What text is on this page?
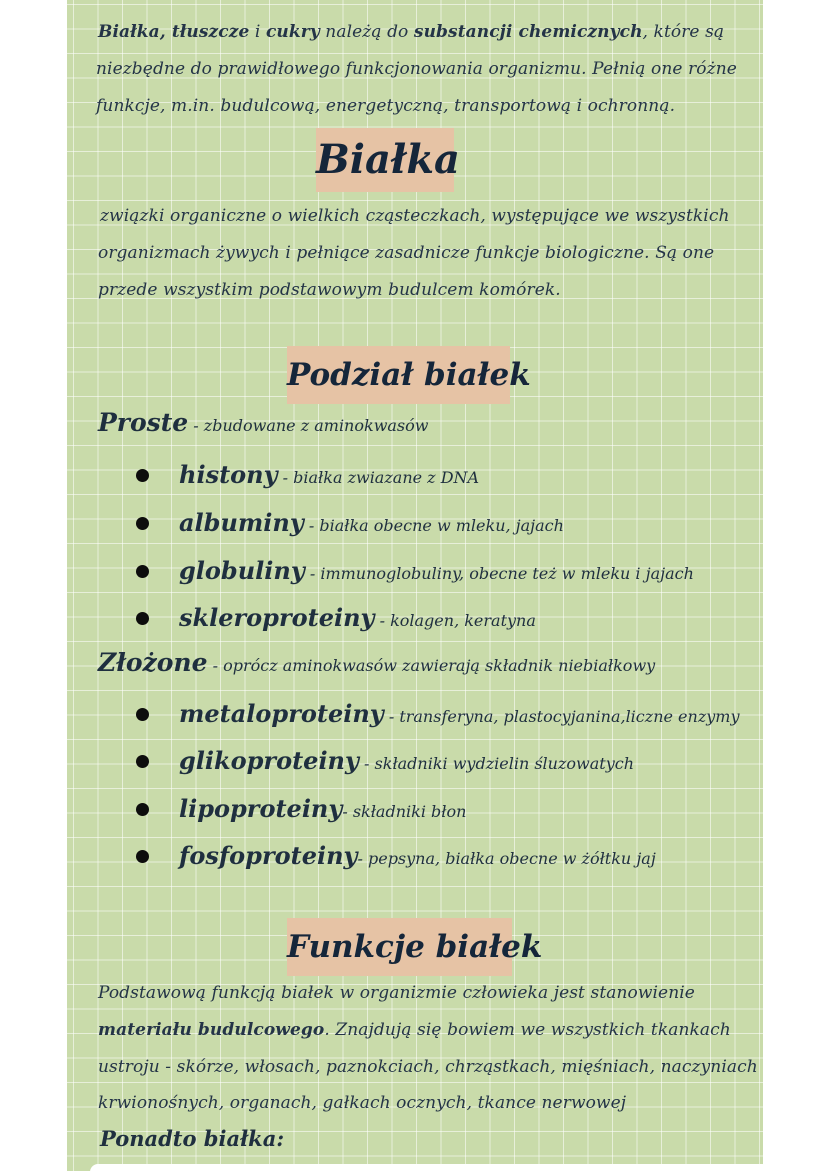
Białka, tłuszcze i cukry należą do substancji chemicznych, które są
niezbędne do prawidłowego funkcjonowania organizmu. Pełnią one różne
funkcje, m.in. budulcową, energetyczną, transportową i ochronną.
Białka
związki organiczne o wielkich cząsteczkach, występujące we wszystkich
organizmach żywych i pełniące zasadnicze funkcje biologiczne. Są one
przede wszystkim podstawowym budulcem komórek.
Podział białek
Proste - zbudowane z aminokwasów
histony - białka zwiazane z DNA
albuminy - białka obecne w mleku, jajach
globuliny - immunoglobuliny, obecne też w mleku i jajach
skleroproteiny - kolagen, keratyna
Złożone - oprócz aminokwasów zawierają składnik niebiałkowy
metaloproteiny - transferyna, plastocyjanina,liczne enzymy
glikoproteiny - składniki wydzielin śluzowatych
lipoproteiny- składniki błon
fosfoproteiny- pepsyna, białka obecne w żółtku jaj
Funkcje białek
Podstawową funkcją białek w organizmie człowieka jest stanowienie
materiału budulcowego. Znajdują się bowiem we wszystkich tkankach
ustroju - skórze, włosach, paznokciach, chrząstkach, mięśniach, naczyniach
krwionośnych, organach, gałkach ocznych, tkance nerwowej
Ponadto białka:
